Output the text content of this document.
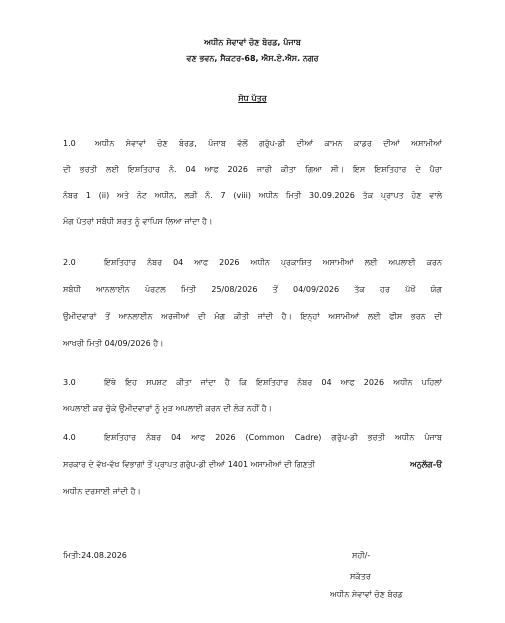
ਅਧੀਨ ਸੇਵਾਵਾਂ ਚੋਣ ਬੋਰਡ, ਪੰਜਾਬ
ਵਣ ਭਵਨ, ਸੈਕਟਰ-68, ਐਸ.ਏ.ਐਸ. ਨਗਰ
ਸੋਧ ਪੱਤਰ
1.0 ਅਧੀਨ ਸੇਵਾਵਾਂ ਚੋਣ ਬੋਰਡ, ਪੰਜਾਬ ਵੱਲੋਂ ਗਰੁੱਪ-ਡੀ ਦੀਆਂ ਕਾਮਨ ਕਾਡਰ ਦੀਆਂ ਅਸਾਮੀਆਂ
ਦੀ ਭਰਤੀ ਲਈ ਇਸ਼ਤਿਹਾਰ ਨੰ. 04 ਆਫ 2026 ਜਾਰੀ ਕੀਤਾ ਗਿਆ ਸੀ। ਇਸ ਇਸ਼ਤਿਹਾਰ ਦੇ ਪੈਰਾ
ਨੰਬਰ 1 (ii) ਅਤੇ ਨੋਟ ਅਧੀਨ, ਲੜੀ ਨੰ. 7 (viii) ਅਧੀਨ ਮਿਤੀ 30.09.2026 ਤੱਕ ਪ੍ਰਾਪਤ ਹੋਣ ਵਾਲੇ
ਮੰਗ ਪੱਤਰਾਂ ਸਬੰਧੀ ਸ਼ਰਤ ਨੂੰ ਵਾਪਿਸ ਲਿਆ ਜਾਂਦਾ ਹੈ।
2.0	ਇਸ਼ਤਿਹਾਰ ਨੰਬਰ 04 ਆਫ 2026 ਅਧੀਨ ਪ੍ਰਕਾਸ਼ਿਤ ਅਸਾਮੀਆਂ ਲਈ ਅਪਲਾਈ ਕਰਨ
ਸਬੰਧੀ ਆਨਲਾਈਨ ਪੋਰਟਲ ਮਿਤੀ 25/08/2026 ਤੋਂ 04/09/2026 ਤੱਕ ਹਰ ਪੱਖੋਂ ਯੋਗ
ਉਮੀਦਵਾਰਾਂ ਤੋਂ ਆਨਲਾਈਨ ਅਰਜੀਆਂ ਦੀ ਮੰਗ ਕੀਤੀ ਜਾਂਦੀ ਹੈ। ਇਨ੍ਹਾਂ ਅਸਾਮੀਆਂ ਲਈ ਫੀਸ ਭਰਨ ਦੀ
ਆਖਰੀ ਮਿਤੀ 04/09/2026 ਹੈ।
3.0	ਇੱਥੇ ਇਹ ਸਪਸ਼ਟ ਕੀਤਾ ਜਾਂਦਾ ਹੈ ਕਿ ਇਸ਼ਤਿਹਾਰ ਨੰਬਰ 04 ਆਫ 2026 ਅਧੀਨ ਪਹਿਲਾਂ
ਅਪਲਾਈ ਕਰ ਚੁੱਕੇ ਉਮੀਦਵਾਰਾਂ ਨੂੰ ਮੁੜ ਅਪਲਾਈ ਕਰਨ ਦੀ ਲੋੜ ਨਹੀਂ ਹੈ।
4.0	ਇਸ਼ਤਿਹਾਰ ਨੰਬਰ 04 ਆਫ 2026 (Common Cadre) ਗਰੁੱਪ-ਡੀ ਭਰਤੀ ਅਧੀਨ ਪੰਜਾਬ
ਸਰਕਾਰ ਦੇ ਵੱਖ-ਵੱਖ ਵਿਭਾਗਾਂ ਤੋਂ ਪ੍ਰਾਪਤ ਗਰੁੱਪ-ਡੀ ਦੀਆਂ 1401 ਅਸਾਮੀਆਂ ਦੀ ਗਿਣਤੀ	ਅਨੁਲੱਗ-ੳ
ਅਧੀਨ ਦਰਸਾਈ ਜਾਂਦੀ ਹੈ।
ਮਿਤੀ:24.08.2026	ਸਹੀ/-
ਸਕੱਤਰ
ਅਧੀਨ ਸੇਵਾਵਾਂ ਚੋਣ ਬੋਰਡ
